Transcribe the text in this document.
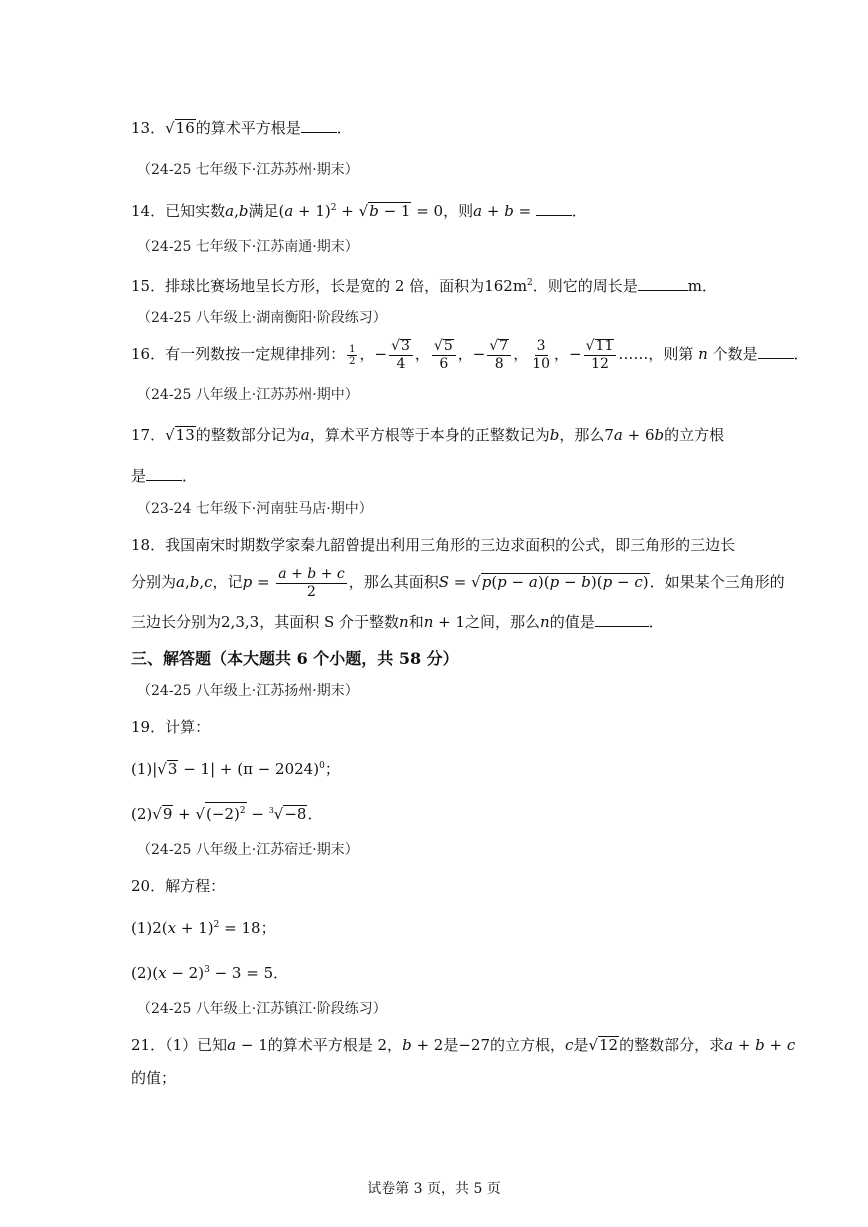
13．√16的算术平方根是 ．
（24-25 七年级下·江苏苏州·期末）
14．已知实数a,b满足$(a + 1)^2 + √b - 1 = 0$，则a + b = ．
（24-25 七年级下·江苏南通·期末）
15．排球比赛场地呈长方形，长是宽的 2 倍，面积为$162m^2$．则它的周长是	m．
（24-25 八年级上·湖南衡阳·阶段练习）
16．有一列数按一定规律排列： $\frac{1}{2}$ ，− $\frac{√3}{4}$ ， $\frac{√5}{6}$ ，− $\frac{√7}{8}$ ， $\frac{3}{10}$ ，− $\frac{√11}{12}$ ……，则第 n 个数是 ．
（24-25 八年级上·江苏苏州·期中）
17．√13的整数部分记为a，算术平方根等于本身的正整数记为b，那么7a + 6b的立方根
是 ．
（23-24 七年级下·河南驻马店·期中）
18．我国南宋时期数学家秦九韶曾提出利用三角形的三边求面积的公式，即三角形的三边长
分别为a,b,c，记$p = \frac{a + b + c}{2}$ ，那么其面积S = √p(p − a)(p − b)(p − c)．如果某个三角形的
三边长分别为2,3,3，其面积 S 介于整数n和n + 1之间，那么n的值是	．
三、解答题（本大题共 6 个小题，共 58 分）
（24-25 八年级上·江苏扬州·期末）
19．计算：
$(1)|√3 - 1| + (\pi - 2024)^0$；
$(2)√9 + √(-2)^2 - ^3√-8$．
（24-25 八年级上·江苏宿迁·期末）
20．解方程：
$(1)2(x + 1)^2 = 18$；
$(2)(x - 2)^3 - 3 = 5$．
（24-25 八年级上·江苏镇江·阶段练习）
21．（1）已知a − 1的算术平方根是 2，b + 2是−27的立方根，c是√12的整数部分，求a + b + c
的值；
试卷第 3 页，共 5 页
